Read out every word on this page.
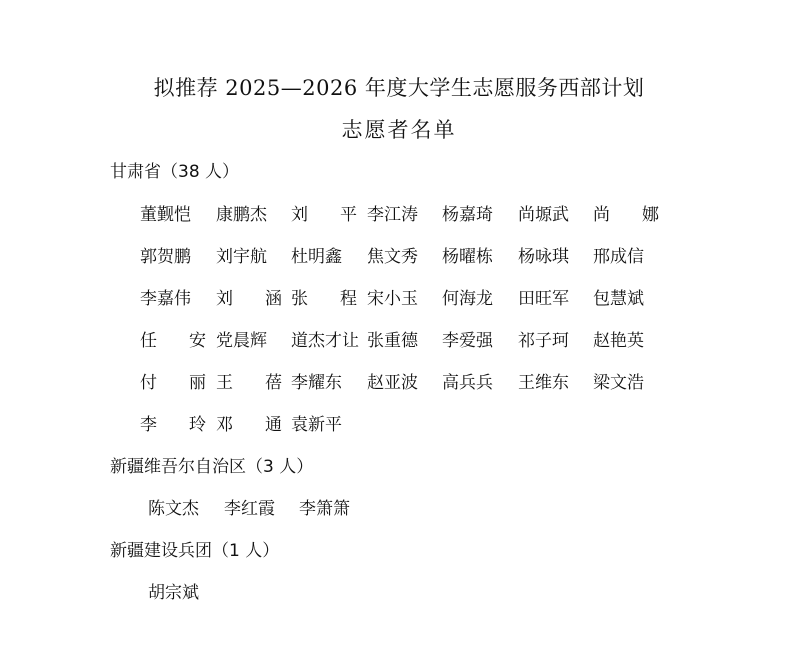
拟推荐 2025—2026 年度大学生志愿服务西部计划
志愿者名单
甘肃省（38 人）
董觐恺	康鹏杰	刘 平 李江涛	杨嘉琦	尚塬武	尚 娜
郭贺鹏	刘宇航	杜明鑫	焦文秀	杨曜栋	杨咏琪	邢成信
李嘉伟	刘 涵 张 程 宋小玉	何海龙	田旺军	包慧斌
任 安 党晨辉	道杰才让 张重德	李爱强	祁子珂	赵艳英
付 丽 王 蓓 李耀东	赵亚波	高兵兵	王维东	梁文浩
李 玲 邓 通 袁新平
新疆维吾尔自治区（3 人）
陈文杰	李红霞	李箫箫
新疆建设兵团（1 人）
胡宗斌
